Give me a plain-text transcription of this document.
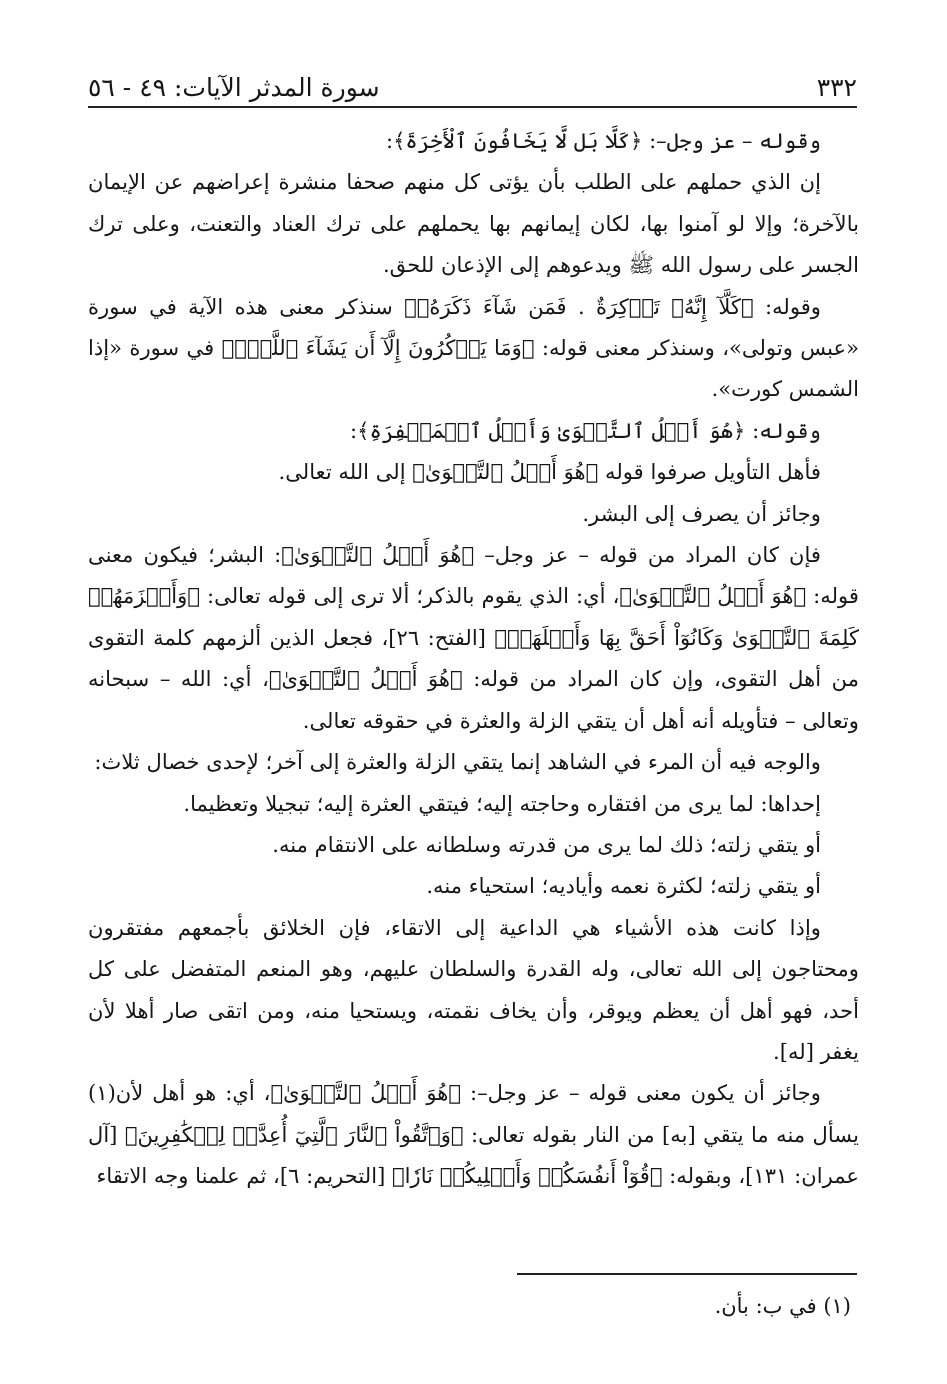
٣٣٢
سورة المدثر الآيات: ٤٩ - ٥٦

وقوله – عز وجل–: ﴿كَلَّا بَل لَّا يَخَافُونَ ٱلْأَخِرَةَ﴾:

إن الذي حملهم على الطلب بأن يؤتى كل منهم صحفا منشرة إعراضهم عن الإيمان بالآخرة؛ وإلا لو آمنوا بها، لكان إيمانهم بها يحملهم على ترك العناد والتعنت، وعلى ترك الجسر على رسول الله ﷺ ويدعوهم إلى الإذعان للحق.

وقوله: ﴿كَلَّآ إِنَّهُۥ تَذۡكِرَةٌ . فَمَن شَآءَ ذَكَرَهُۥ﴾ سنذكر معنى هذه الآية في سورة «عبس وتولى»، وسنذكر معنى قوله: ﴿وَمَا يَذۡكُرُونَ إِلَّآ أَن يَشَآءَ ٱللَّهُۚ﴾ في سورة «إذا الشمس كورت».

وقوله: ﴿هُوَ أَهۡلُ ٱلتَّقۡوَىٰ وَأَهۡلُ ٱلۡمَغۡفِرَةِ﴾:

فأهل التأويل صرفوا قوله ﴿هُوَ أَهۡلُ ٱلتَّقۡوَىٰ﴾ إلى الله تعالى.

وجائز أن يصرف إلى البشر.

فإن كان المراد من قوله – عز وجل– ﴿هُوَ أَهۡلُ ٱلتَّقۡوَىٰ﴾: البشر؛ فيكون معنى قوله: ﴿هُوَ أَهۡلُ ٱلتَّقۡوَىٰ﴾، أي: الذي يقوم بالذكر؛ ألا ترى إلى قوله تعالى: ﴿وَأَلۡزَمَهُمۡ كَلِمَةَ ٱلتَّقۡوَىٰ وَكَانُوٓاْ أَحَقَّ بِهَا وَأَهۡلَهَاۚ﴾ [الفتح: ٢٦]، فجعل الذين ألزمهم كلمة التقوى من أهل التقوى، وإن كان المراد من قوله: ﴿هُوَ أَهۡلُ ٱلتَّقۡوَىٰ﴾، أي: الله – سبحانه وتعالى – فتأويله أنه أهل أن يتقي الزلة والعثرة في حقوقه تعالى.

والوجه فيه أن المرء في الشاهد إنما يتقي الزلة والعثرة إلى آخر؛ لإحدى خصال ثلاث:

إحداها: لما يرى من افتقاره وحاجته إليه؛ فيتقي العثرة إليه؛ تبجيلا وتعظيما.

أو يتقي زلته؛ ذلك لما يرى من قدرته وسلطانه على الانتقام منه.

أو يتقي زلته؛ لكثرة نعمه وأياديه؛ استحياء منه.

وإذا كانت هذه الأشياء هي الداعية إلى الاتقاء، فإن الخلائق بأجمعهم مفتقرون ومحتاجون إلى الله تعالى، وله القدرة والسلطان عليهم، وهو المنعم المتفضل على كل أحد، فهو أهل أن يعظم ويوقر، وأن يخاف نقمته، ويستحيا منه، ومن اتقى صار أهلا لأن يغفر [له].

وجائز أن يكون معنى قوله – عز وجل–: ﴿هُوَ أَهۡلُ ٱلتَّقۡوَىٰ﴾، أي: هو أهل لأن(١) يسأل منه ما يتقي [به] من النار بقوله تعالى: ﴿وَٱتَّقُواْ ٱلنَّارَ ٱلَّتِيٓ أُعِدَّتۡ لِلۡكَٰفِرِينَ﴾ [آل عمران: ١٣١]، وبقوله: ﴿قُوٓاْ أَنفُسَكُمۡ وَأَهۡلِيكُمۡ نَارٗا﴾ [التحريم: ٦]، ثم علمنا وجه الاتقاء

(١) في ب: بأن.
